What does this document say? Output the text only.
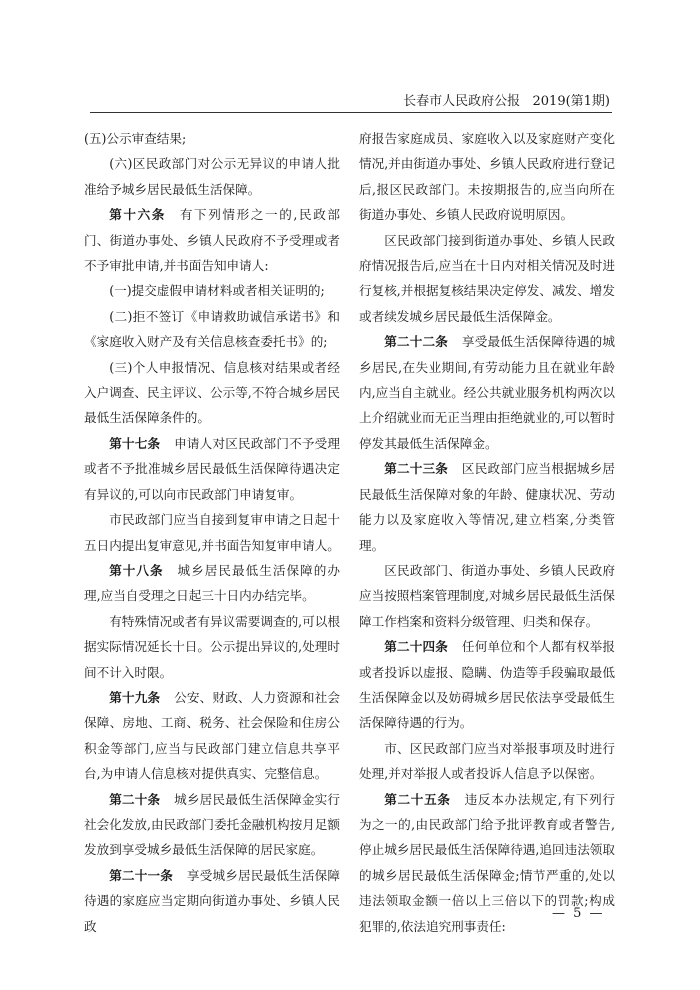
长春市人民政府公报 2019(第1期)

(五)公示审查结果;

(六)区民政部门对公示无异议的申请人批准给予城乡居民最低生活保障。

第十六条 有下列情形之一的,民政部门、街道办事处、乡镇人民政府不予受理或者不予审批申请,并书面告知申请人:

(一)提交虚假申请材料或者相关证明的;

(二)拒不签订《申请救助诚信承诺书》和《家庭收入财产及有关信息核查委托书》的;

(三)个人申报情况、信息核对结果或者经入户调查、民主评议、公示等,不符合城乡居民最低生活保障条件的。

第十七条 申请人对区民政部门不予受理或者不予批准城乡居民最低生活保障待遇决定有异议的,可以向市民政部门申请复审。

市民政部门应当自接到复审申请之日起十五日内提出复审意见,并书面告知复审申请人。

第十八条 城乡居民最低生活保障的办理,应当自受理之日起三十日内办结完毕。

有特殊情况或者有异议需要调查的,可以根据实际情况延长十日。公示提出异议的,处理时间不计入时限。

第十九条 公安、财政、人力资源和社会保障、房地、工商、税务、社会保险和住房公积金等部门,应当与民政部门建立信息共享平台,为申请人信息核对提供真实、完整信息。

第二十条 城乡居民最低生活保障金实行社会化发放,由民政部门委托金融机构按月足额发放到享受城乡最低生活保障的居民家庭。

第二十一条 享受城乡居民最低生活保障待遇的家庭应当定期向街道办事处、乡镇人民政

府报告家庭成员、家庭收入以及家庭财产变化情况,并由街道办事处、乡镇人民政府进行登记后,报区民政部门。未按期报告的,应当向所在街道办事处、乡镇人民政府说明原因。

区民政部门接到街道办事处、乡镇人民政府情况报告后,应当在十日内对相关情况及时进行复核,并根据复核结果决定停发、减发、增发或者续发城乡居民最低生活保障金。

第二十二条 享受最低生活保障待遇的城乡居民,在失业期间,有劳动能力且在就业年龄内,应当自主就业。经公共就业服务机构两次以上介绍就业而无正当理由拒绝就业的,可以暂时停发其最低生活保障金。

第二十三条 区民政部门应当根据城乡居民最低生活保障对象的年龄、健康状况、劳动能力以及家庭收入等情况,建立档案,分类管理。

区民政部门、街道办事处、乡镇人民政府应当按照档案管理制度,对城乡居民最低生活保障工作档案和资料分级管理、归类和保存。

第二十四条 任何单位和个人都有权举报或者投诉以虚报、隐瞒、伪造等手段骗取最低生活保障金以及妨碍城乡居民依法享受最低生活保障待遇的行为。

市、区民政部门应当对举报事项及时进行处理,并对举报人或者投诉人信息予以保密。

第二十五条 违反本办法规定,有下列行为之一的,由民政部门给予批评教育或者警告,停止城乡居民最低生活保障待遇,追回违法领取的城乡居民最低生活保障金;情节严重的,处以违法领取金额一倍以上三倍以下的罚款;构成犯罪的,依法追究刑事责任:

— 5 —
